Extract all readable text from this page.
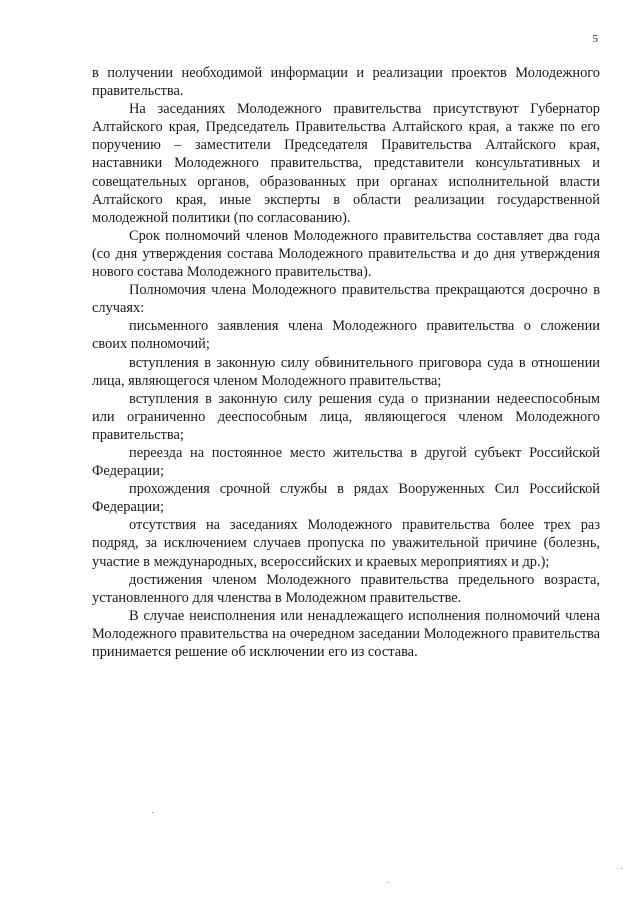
5

в получении необходимой информации и реализации проектов Молодежного правительства.

На заседаниях Молодежного правительства присутствуют Губернатор Алтайского края, Председатель Правительства Алтайского края, а также по его поручению – заместители Председателя Правительства Алтайского края, наставники Молодежного правительства, представители консультативных и совещательных органов, образованных при органах исполнительной власти Алтайского края, иные эксперты в области реализации государственной молодежной политики (по согласованию).

Срок полномочий членов Молодежного правительства составляет два года (со дня утверждения состава Молодежного правительства и до дня утверждения нового состава Молодежного правительства).

Полномочия члена Молодежного правительства прекращаются досрочно в случаях:

письменного заявления члена Молодежного правительства о сложении своих полномочий;

вступления в законную силу обвинительного приговора суда в отношении лица, являющегося членом Молодежного правительства;

вступления в законную силу решения суда о признании недееспособным или ограниченно дееспособным лица, являющегося членом Молодежного правительства;

переезда на постоянное место жительства в другой субъект Российской Федерации;

прохождения срочной службы в рядах Вооруженных Сил Российской Федерации;

отсутствия на заседаниях Молодежного правительства более трех раз подряд, за исключением случаев пропуска по уважительной причине (болезнь, участие в международных, всероссийских и краевых мероприятиях и др.);

достижения членом Молодежного правительства предельного возраста, установленного для членства в Молодежном правительстве.

В случае неисполнения или ненадлежащего исполнения полномочий члена Молодежного правительства на очередном заседании Молодежного правительства принимается решение об исключении его из состава.
